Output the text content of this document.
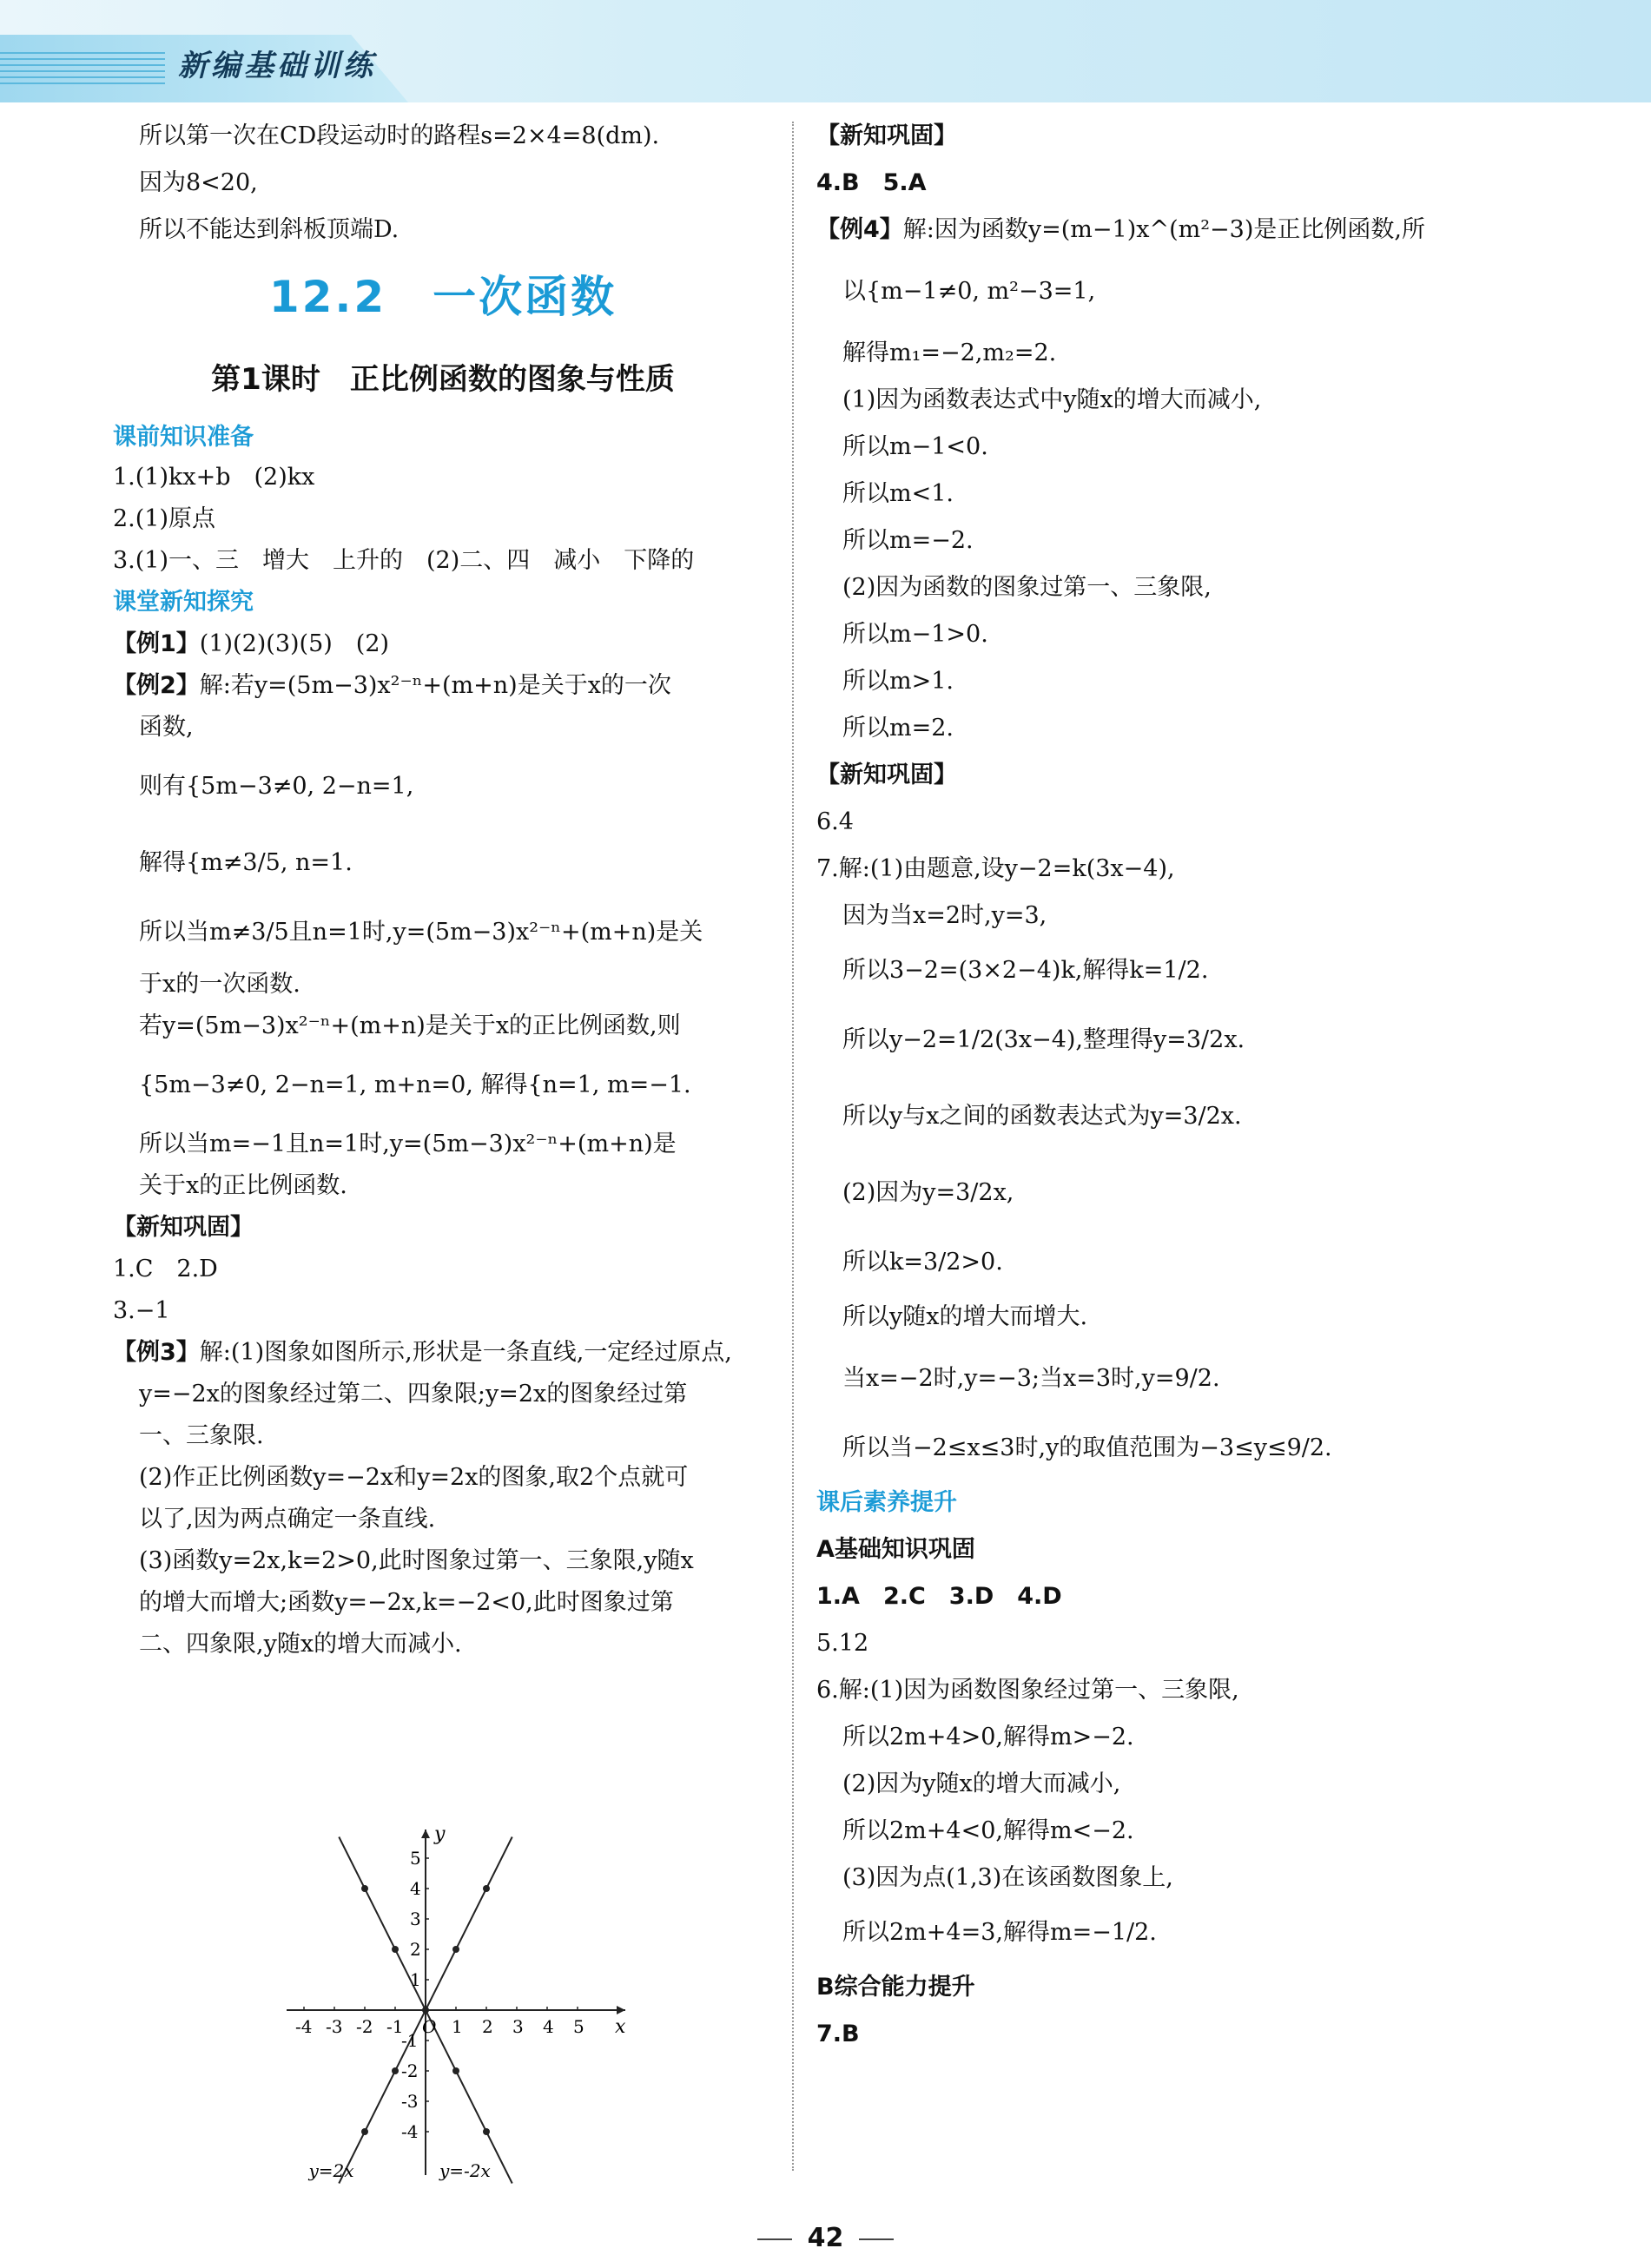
新编基础训练
所以第一次在CD段运动时的路程s=2×4=8(dm).
因为8<20,
所以不能达到斜板顶端D.
12.2　一次函数
第1课时　正比例函数的图象与性质
课前知识准备
1.(1)kx+b　(2)kx
2.(1)原点
3.(1)一、三　增大　上升的　(2)二、四　减小　下降的
课堂新知探究
【例1】(1)(2)(3)(5)　(2)
【例2】解:若y=(5m−3)x²⁻ⁿ+(m+n)是关于x的一次
函数,
则有{5m−3≠0, 2−n=1,
解得{m≠3/5, n=1.
所以当m≠3/5且n=1时,y=(5m−3)x²⁻ⁿ+(m+n)是关
于x的一次函数.
若y=(5m−3)x²⁻ⁿ+(m+n)是关于x的正比例函数,则
{5m−3≠0, 2−n=1, m+n=0, 解得{n=1, m=−1.
所以当m=−1且n=1时,y=(5m−3)x²⁻ⁿ+(m+n)是
关于x的正比例函数.
【新知巩固】
1.C　2.D
3.−1
【例3】解:(1)图象如图所示,形状是一条直线,一定经过原点,
y=−2x的图象经过第二、四象限;y=2x的图象经过第
一、三象限.
(2)作正比例函数y=−2x和y=2x的图象,取2个点就可
以了,因为两点确定一条直线.
(3)函数y=2x,k=2>0,此时图象过第一、三象限,y随x
的增大而增大;函数y=−2x,k=−2<0,此时图象过第
二、四象限,y随x的增大而减小.
x
y
O
-4 -3 -2 -1	1 2 3 4 5
5
4
3
2
1
-1
-2
-3
-4
y=2x	y=-2x
【新知巩固】
4.B　5.A
【例4】解:因为函数y=(m−1)x^(m²−3)是正比例函数,所
以{m−1≠0, m²−3=1,
解得m₁=−2,m₂=2.
(1)因为函数表达式中y随x的增大而减小,
所以m−1<0.
所以m<1.
所以m=−2.
(2)因为函数的图象过第一、三象限,
所以m−1>0.
所以m>1.
所以m=2.
【新知巩固】
6.4
7.解:(1)由题意,设y−2=k(3x−4),
因为当x=2时,y=3,
所以3−2=(3×2−4)k,解得k=1/2.
所以y−2=1/2(3x−4),整理得y=3/2x.
所以y与x之间的函数表达式为y=3/2x.
(2)因为y=3/2x,
所以k=3/2>0.
所以y随x的增大而增大.
当x=−2时,y=−3;当x=3时,y=9/2.
所以当−2≤x≤3时,y的取值范围为−3≤y≤9/2.
课后素养提升
A基础知识巩固
1.A　2.C　3.D　4.D
5.12
6.解:(1)因为函数图象经过第一、三象限,
所以2m+4>0,解得m>−2.
(2)因为y随x的增大而减小,
所以2m+4<0,解得m<−2.
(3)因为点(1,3)在该函数图象上,
所以2m+4=3,解得m=−1/2.
B综合能力提升
7.B
42
